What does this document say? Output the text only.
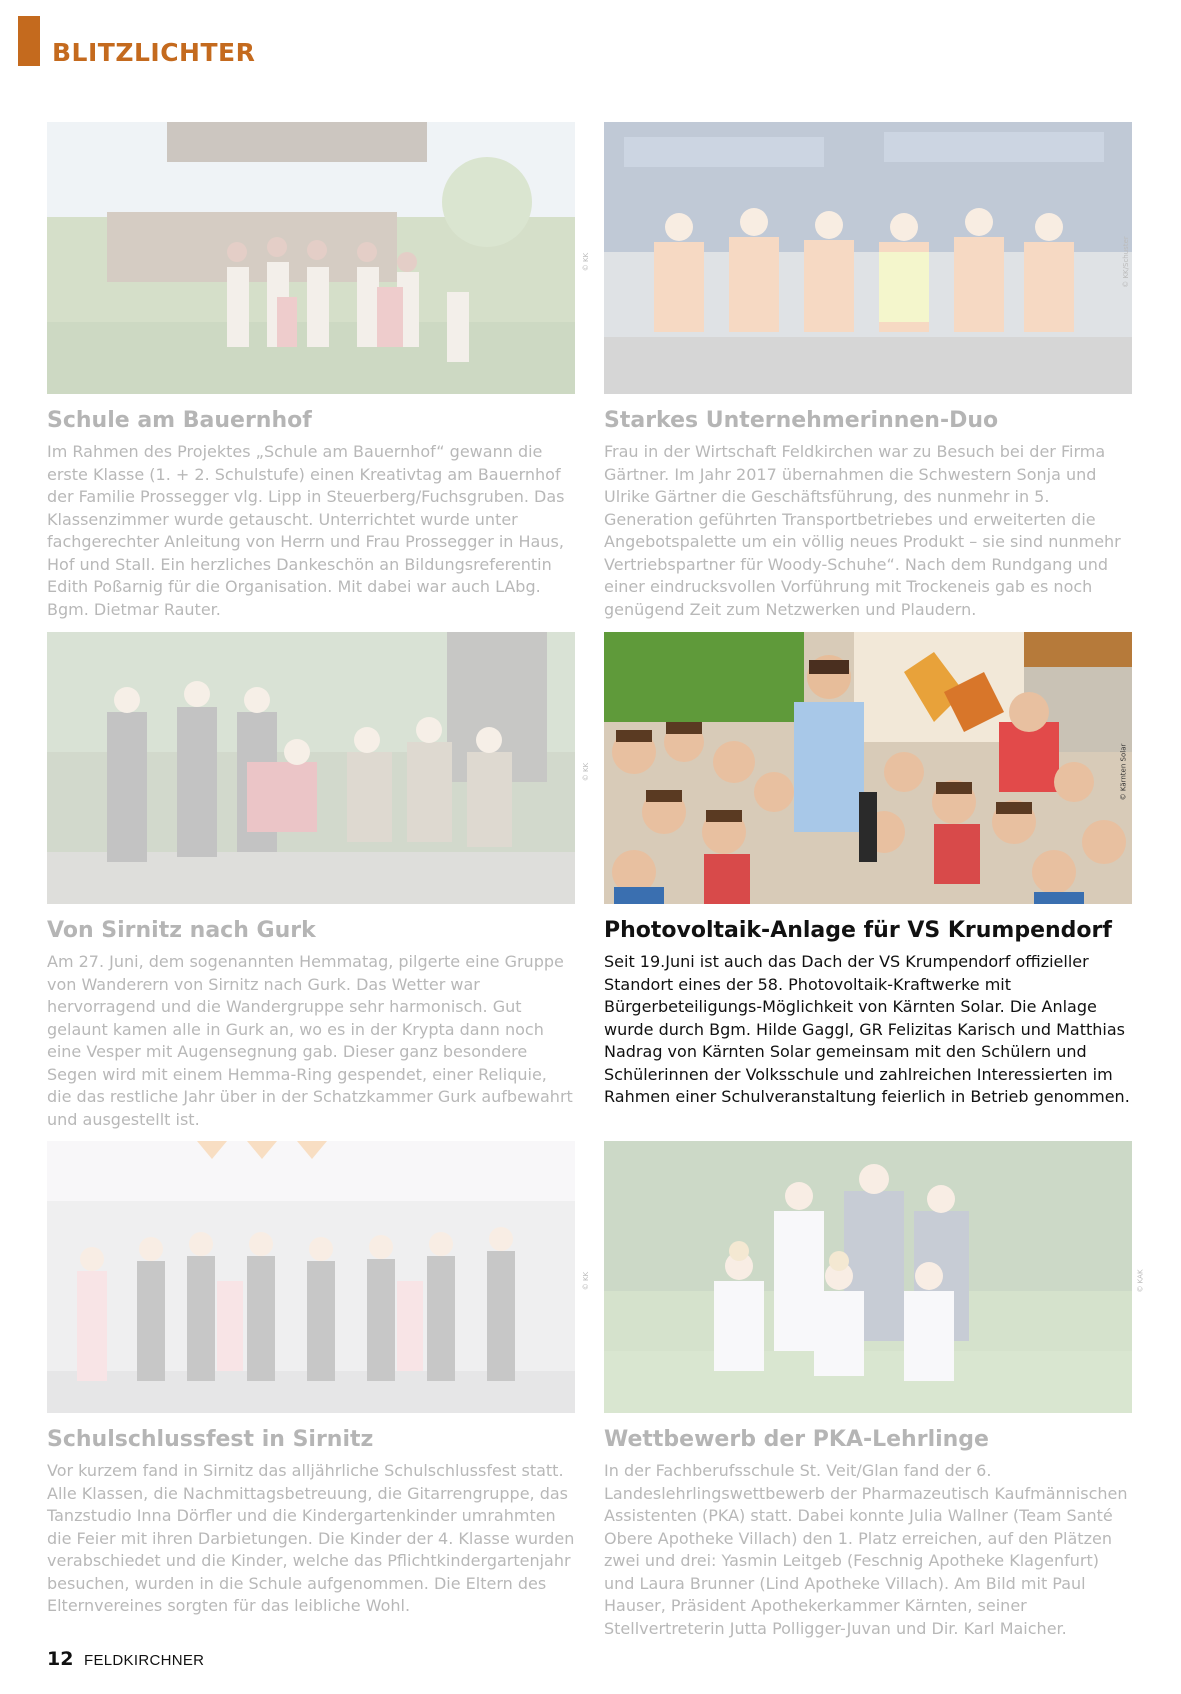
BLITZLICHTER
© KK
Schule am Bauernhof

Im Rahmen des Projektes „Schule am Bauernhof“ gewann die erste Klasse (1. + 2. Schulstufe) einen Kreativtag am Bauernhof der Familie Prossegger vlg. Lipp in Steuerberg/Fuchsgruben. Das Klassenzimmer wurde getauscht. Unterrichtet wurde unter fachgerechter Anleitung von Herrn und Frau Prossegger in Haus, Hof und Stall. Ein herzliches Dankeschön an Bildungsreferentin Edith Poßarnig für die Organisation. Mit dabei war auch LAbg. Bgm. Dietmar Rauter.

© KK/Schuster
Starkes Unternehmerinnen-Duo

Frau in der Wirtschaft Feldkirchen war zu Besuch bei der Firma Gärtner. Im Jahr 2017 übernahmen die Schwestern Sonja und Ulrike Gärtner die Geschäftsführung, des nunmehr in 5. Generation geführten Transportbetriebes und erweiterten die Angebotspalette um ein völlig neues Produkt – sie sind nunmehr Vertriebspartner für Woody-Schuhe“. Nach dem Rundgang und einer eindrucksvollen Vorführung mit Trockeneis gab es noch genügend Zeit zum Netzwerken und Plaudern.

© KK
Von Sirnitz nach Gurk

Am 27. Juni, dem sogenannten Hemmatag, pilgerte eine Gruppe von Wanderern von Sirnitz nach Gurk. Das Wetter war hervorragend und die Wandergruppe sehr harmonisch. Gut gelaunt kamen alle in Gurk an, wo es in der Krypta dann noch eine Vesper mit Augensegnung gab. Dieser ganz besondere Segen wird mit einem Hemma-Ring gespendet, einer Reliquie, die das restliche Jahr über in der Schatzkammer Gurk aufbewahrt und ausgestellt ist.

© Kärnten Solar
Photovoltaik-Anlage für VS Krumpendorf

Seit 19.Juni ist auch das Dach der VS Krumpendorf offizieller Standort eines der 58. Photovoltaik-Kraftwerke mit Bürgerbeteiligungs-Möglichkeit von Kärnten Solar. Die Anlage wurde durch Bgm. Hilde Gaggl, GR Felizitas Karisch und Matthias Nadrag von Kärnten Solar gemeinsam mit den Schülern und Schülerinnen der Volksschule und zahlreichen Interessierten im Rahmen einer Schulveranstaltung feierlich in Betrieb genommen.

© KK
Schulschlussfest in Sirnitz

Vor kurzem fand in Sirnitz das alljährliche Schulschlussfest statt. Alle Klassen, die Nachmittagsbetreuung, die Gitarrengruppe, das Tanzstudio Inna Dörfler und die Kindergartenkinder umrahmten die Feier mit ihren Darbietungen. Die Kinder der 4. Klasse wurden verabschiedet und die Kinder, welche das Pflichtkindergartenjahr besuchen, wurden in die Schule aufgenommen. Die Eltern des Elternvereines sorgten für das leibliche Wohl.

© KAK
Wettbewerb der PKA-Lehrlinge

In der Fachberufsschule St. Veit/Glan fand der 6. Landeslehrlingswettbewerb der Pharmazeutisch Kaufmännischen Assistenten (PKA) statt. Dabei konnte Julia Wallner (Team Santé Obere Apotheke Villach) den 1. Platz erreichen, auf den Plätzen zwei und drei: Yasmin Leitgeb (Feschnig Apotheke Klagenfurt) und Laura Brunner (Lind Apotheke Villach). Am Bild mit Paul Hauser, Präsident Apothekerkammer Kärnten, seiner Stellvertreterin Jutta Polligger-Juvan und Dir. Karl Maicher.

12 FELDKIRCHNER
